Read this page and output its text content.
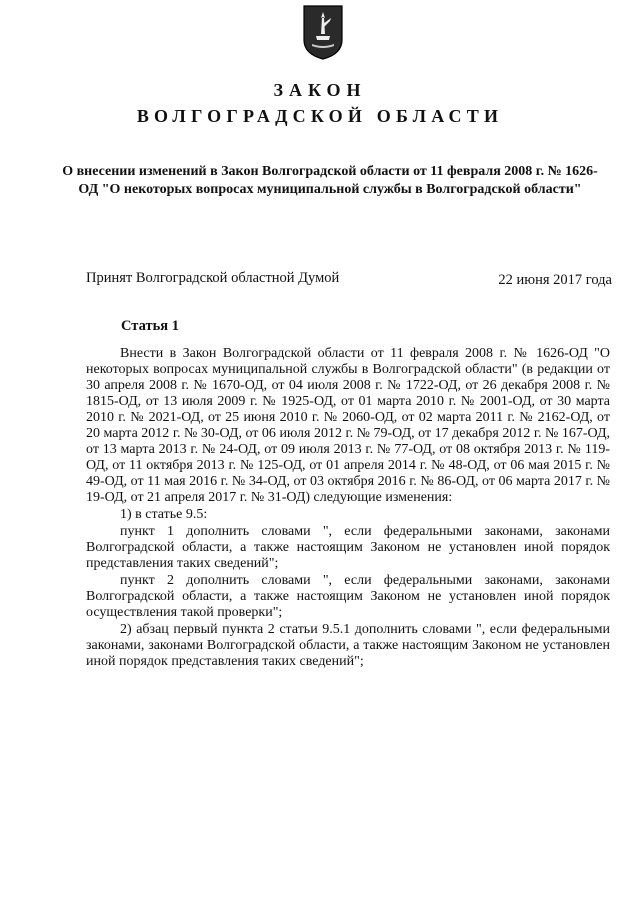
ЗАКОН
ВОЛГОГРАДСКОЙ ОБЛАСТИ
О внесении изменений в Закон Волгоградской области от 11 февраля 2008 г. № 1626-ОД "О некоторых вопросах муниципальной службы в Волгоградской области"
Принят Волгоградской областной Думой	22 июня 2017 года
Статья 1

Внести в Закон Волгоградской области от 11 февраля 2008 г. № 1626-ОД "О некоторых вопросах муниципальной службы в Волгоградской области" (в редакции от 30 апреля 2008 г. № 1670-ОД, от 04 июля 2008 г. № 1722-ОД, от 26 декабря 2008 г. № 1815-ОД, от 13 июля 2009 г. № 1925-ОД, от 01 марта 2010 г. № 2001-ОД, от 30 марта 2010 г. № 2021-ОД, от 25 июня 2010 г. № 2060-ОД, от 02 марта 2011 г. № 2162-ОД, от 20 марта 2012 г. № 30-ОД, от 06 июля 2012 г. № 79-ОД, от 17 декабря 2012 г. № 167-ОД, от 13 марта 2013 г. № 24-ОД, от 09 июля 2013 г. № 77-ОД, от 08 октября 2013 г. № 119-ОД, от 11 октября 2013 г. № 125-ОД, от 01 апреля 2014 г. № 48-ОД, от 06 мая 2015 г. № 49-ОД, от 11 мая 2016 г. № 34-ОД, от 03 октября 2016 г. № 86-ОД, от 06 марта 2017 г. № 19-ОД, от 21 апреля 2017 г. № 31-ОД) следующие изменения:

1) в статье 9.5:

пункт 1 дополнить словами ", если федеральными законами, законами Волгоградской области, а также настоящим Законом не установлен иной порядок представления таких сведений";

пункт 2 дополнить словами ", если федеральными законами, законами Волгоградской области, а также настоящим Законом не установлен иной порядок осуществления такой проверки";

2) абзац первый пункта 2 статьи 9.5.1 дополнить словами ", если федеральными законами, законами Волгоградской области, а также настоящим Законом не установлен иной порядок представления таких сведений";
